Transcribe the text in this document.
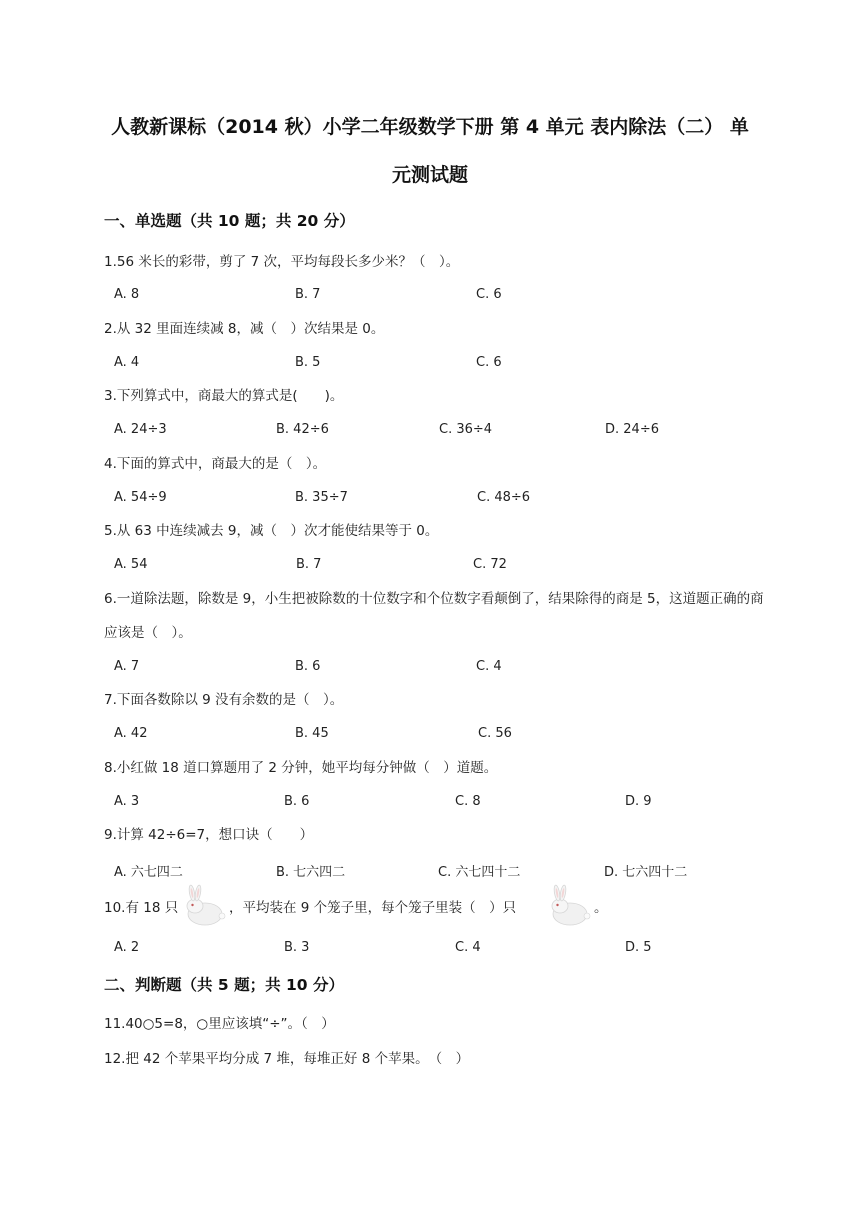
人教新课标（2014 秋）小学二年级数学下册 第 4 单元 表内除法（二） 单
元测试题
一、单选题（共 10 题；共 20 分）
1.56 米长的彩带，剪了 7 次，平均每段长多少米？（　）。
A. 8	B. 7	C. 6
2.从 32 里面连续减 8，减（　）次结果是 0。
A. 4	B. 5	C. 6
3.下列算式中，商最大的算式是(　　)。
A. 24÷3	B. 42÷6	C. 36÷4	D. 24÷6
4.下面的算式中，商最大的是（　）。
A. 54÷9	B. 35÷7	C. 48÷6
5.从 63 中连续减去 9，减（　）次才能使结果等于 0。
A. 54	B. 7	C. 72
6.一道除法题，除数是 9，小生把被除数的十位数字和个位数字看颠倒了，结果除得的商是 5，这道题正确的商应该是（　）。
A. 7	B. 6	C. 4
7.下面各数除以 9 没有余数的是（　）。
A. 42	B. 45	C. 56
8.小红做 18 道口算题用了 2 分钟，她平均每分钟做（　）道题。
A. 3	B. 6	C. 8	D. 9
9.计算 42÷6=7，想口诀（　　）
A. 六七四二	B. 七六四二	C. 六七四十二	D. 七六四十二
10.有 18 只	，平均装在 9 个笼子里，每个笼子里装（　）只	。
A. 2	B. 3	C. 4	D. 5
二、判断题（共 5 题；共 10 分）
11.40○5=8，○里应该填“÷”。（　）
12.把 42 个苹果平均分成 7 堆，每堆正好 8 个苹果。　（　）
